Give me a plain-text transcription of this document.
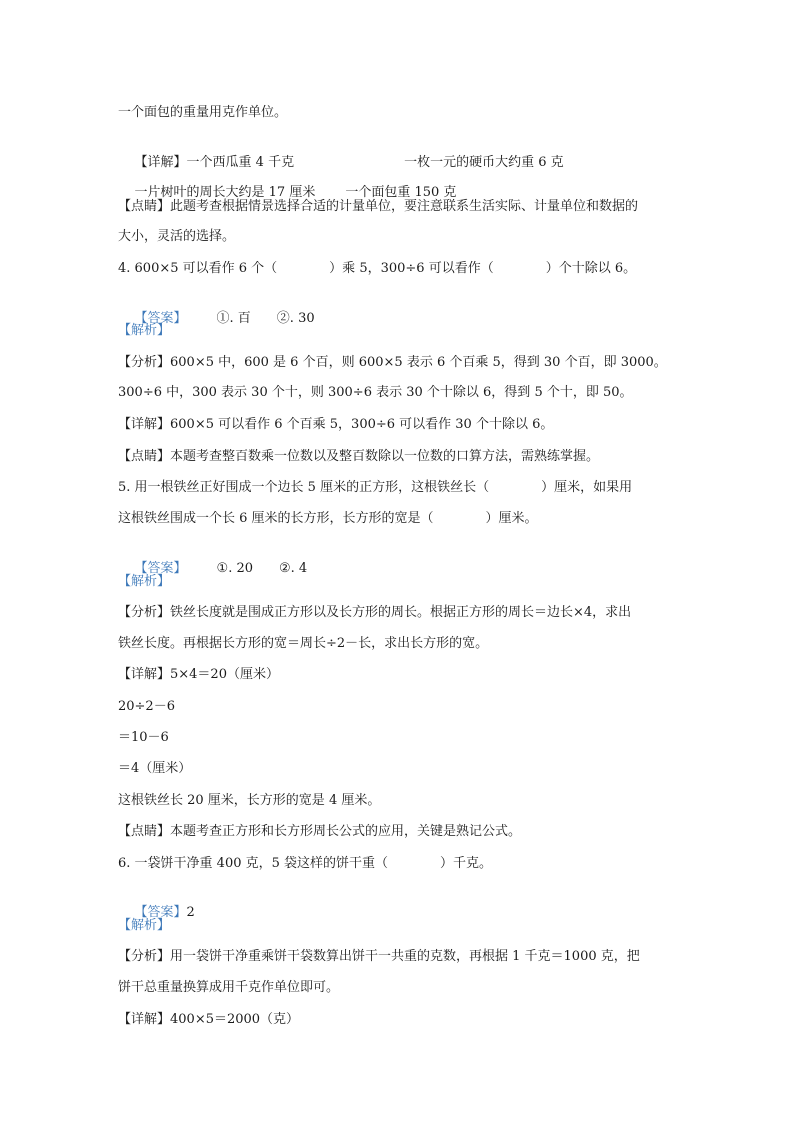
一个面包的重量用克作单位。

【详解】一个西瓜重 4 千克	一枚一元的硬币大约重 6 克

一片树叶的周长大约是 17 厘米 一个面包重 150 克

【点睛】此题考查根据情景选择合适的计量单位，要注意联系生活实际、计量单位和数据的
大小，灵活的选择。
4. 600×5 可以看作 6 个（　　　　）乘 5，300÷6 可以看作（　　　　）个十除以 6。

【答案】 ①. 百　　②. 30

【解析】
【分析】600×5 中，600 是 6 个百，则 600×5 表示 6 个百乘 5，得到 30 个百，即 3000。
300÷6 中，300 表示 30 个十，则 300÷6 表示 30 个十除以 6，得到 5 个十，即 50。
【详解】600×5 可以看作 6 个百乘 5，300÷6 可以看作 30 个十除以 6。
【点睛】本题考查整百数乘一位数以及整百数除以一位数的口算方法，需熟练掌握。
5. 用一根铁丝正好围成一个边长 5 厘米的正方形，这根铁丝长（　　　　）厘米，如果用
这根铁丝围成一个长 6 厘米的长方形，长方形的宽是（　　　　）厘米。

【答案】 ①. 20　　②. 4

【解析】
【分析】铁丝长度就是围成正方形以及长方形的周长。根据正方形的周长＝边长×4，求出
铁丝长度。再根据长方形的宽＝周长÷2－长，求出长方形的宽。
【详解】5×4＝20（厘米）
20÷2－6
＝10－6
＝4（厘米）
这根铁丝长 20 厘米，长方形的宽是 4 厘米。
【点睛】本题考查正方形和长方形周长公式的应用，关键是熟记公式。
6. 一袋饼干净重 400 克，5 袋这样的饼干重（　　　　）千克。

【答案】2

【解析】
【分析】用一袋饼干净重乘饼干袋数算出饼干一共重的克数，再根据 1 千克＝1000 克，把
饼干总重量换算成用千克作单位即可。
【详解】400×5＝2000（克）
